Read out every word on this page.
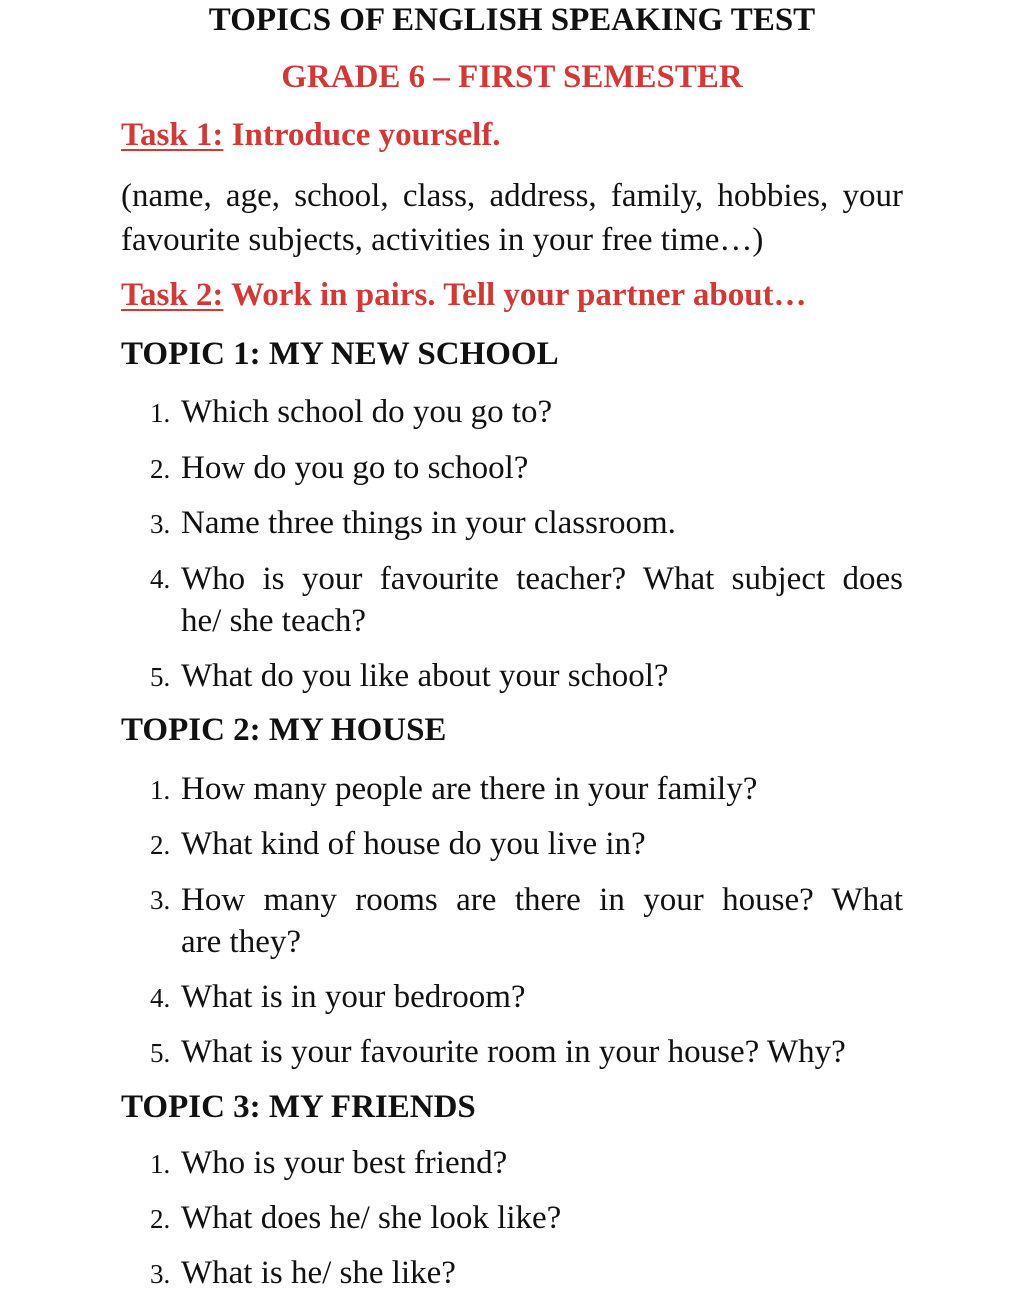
TOPICS OF ENGLISH SPEAKING TEST
GRADE 6 – FIRST SEMESTER
Task 1: Introduce yourself.
(name, age, school, class, address, family, hobbies, your favourite subjects, activities in your free time…)
Task 2: Work in pairs. Tell your partner about…
TOPIC 1: MY NEW SCHOOL
1. Which school do you go to?
2. How do you go to school?
3. Name three things in your classroom.
4. Who is your favourite teacher? What subject does
he/ she teach?
5. What do you like about your school?
TOPIC 2: MY HOUSE
1. How many people are there in your family?
2. What kind of house do you live in?
3. How many rooms are there in your house? What
are they?
4. What is in your bedroom?
5. What is your favourite room in your house? Why?
TOPIC 3: MY FRIENDS
1. Who is your best friend?
2. What does he/ she look like?
3. What is he/ she like?
